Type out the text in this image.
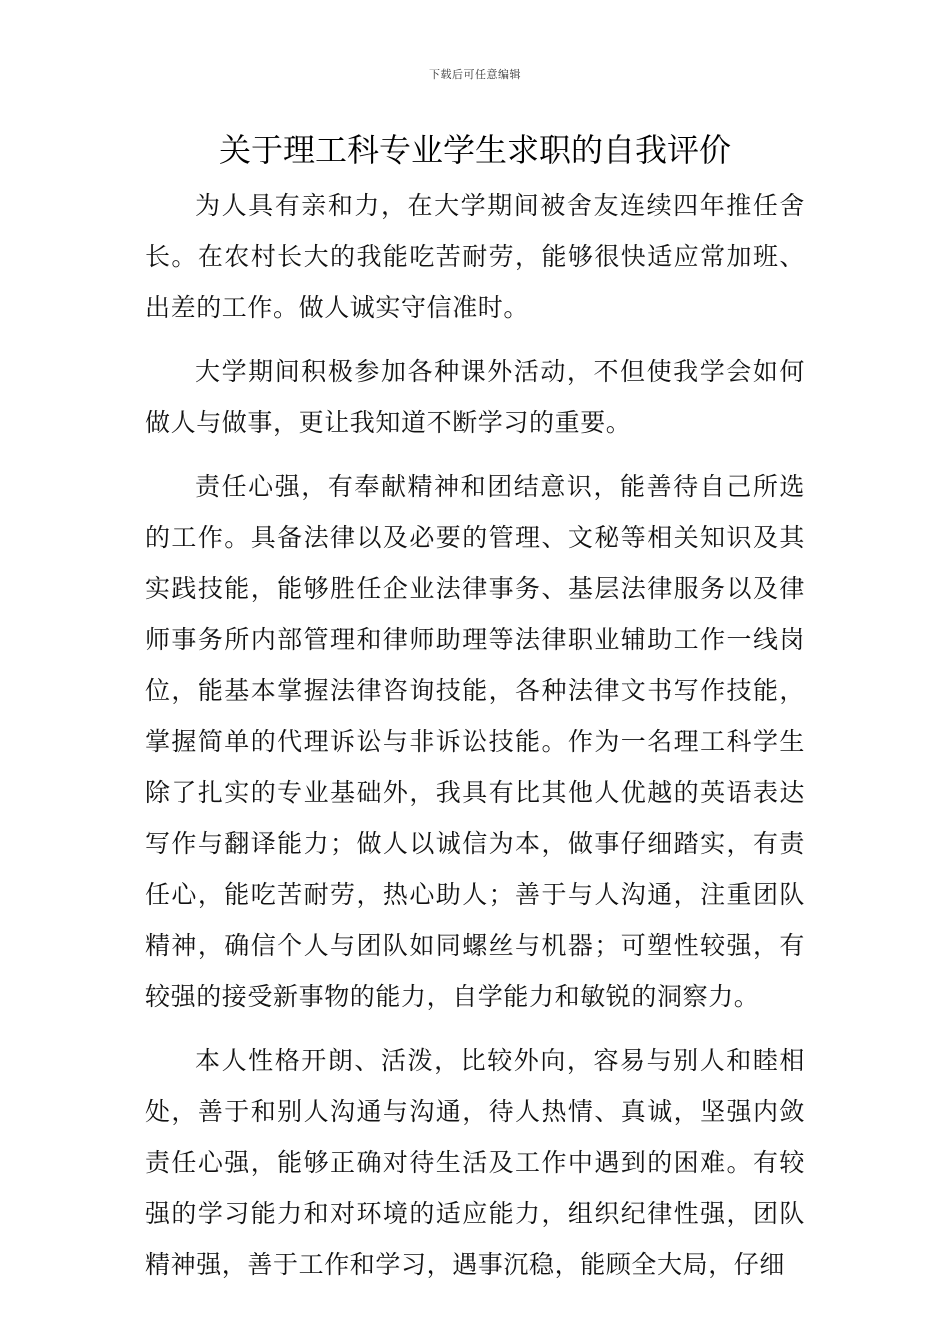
下载后可任意编辑
关于理工科专业学生求职的自我评价

为人具有亲和力，在大学期间被舍友连续四年推任舍长。在农村长大的我能吃苦耐劳，能够很快适应常加班、出差的工作。做人诚实守信准时。

大学期间积极参加各种课外活动，不但使我学会如何做人与做事，更让我知道不断学习的重要。

责任心强，有奉献精神和团结意识，能善待自己所选的工作。具备法律以及必要的管理、文秘等相关知识及其实践技能，能够胜任企业法律事务、基层法律服务以及律师事务所内部管理和律师助理等法律职业辅助工作一线岗位，能基本掌握法律咨询技能，各种法律文书写作技能，掌握简单的代理诉讼与非诉讼技能。作为一名理工科学生除了扎实的专业基础外，我具有比其他人优越的英语表达写作与翻译能力；做人以诚信为本，做事仔细踏实，有责任心，能吃苦耐劳，热心助人；善于与人沟通，注重团队精神，确信个人与团队如同螺丝与机器；可塑性较强，有较强的接受新事物的能力，自学能力和敏锐的洞察力。

本人性格开朗、活泼，比较外向，容易与别人和睦相处，善于和别人沟通与沟通，待人热情、真诚，坚强内敛责任心强，能够正确对待生活及工作中遇到的困难。有较强的学习能力和对环境的适应能力，组织纪律性强，团队精神强，善于工作和学习，遇事沉稳，能顾全大局，仔细
